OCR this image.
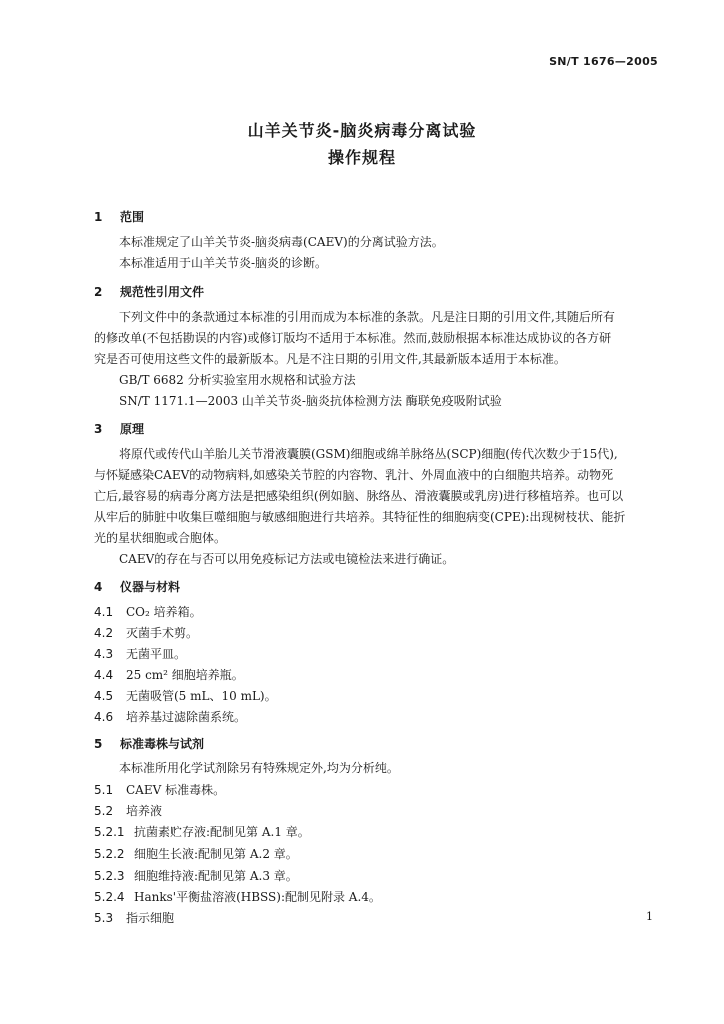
SN/T 1676—2005
山羊关节炎-脑炎病毒分离试验
操作规程
1 范围
本标准规定了山羊关节炎-脑炎病毒(CAEV)的分离试验方法。
本标准适用于山羊关节炎-脑炎的诊断。
2 规范性引用文件
下列文件中的条款通过本标准的引用而成为本标准的条款。凡是注日期的引用文件,其随后所有
的修改单(不包括勘误的内容)或修订版均不适用于本标准。然而,鼓励根据本标准达成协议的各方研
究是否可使用这些文件的最新版本。凡是不注日期的引用文件,其最新版本适用于本标准。
GB/T 6682 分析实验室用水规格和试验方法
SN/T 1171.1—2003 山羊关节炎-脑炎抗体检测方法 酶联免疫吸附试验
3 原理
将原代或传代山羊胎儿关节滑液囊膜(GSM)细胞或绵羊脉络丛(SCP)细胞(传代次数少于15代),
与怀疑感染CAEV的动物病料,如感染关节腔的内容物、乳汁、外周血液中的白细胞共培养。动物死
亡后,最容易的病毒分离方法是把感染组织(例如脑、脉络丛、滑液囊膜或乳房)进行移植培养。也可以
从牢后的肺脏中收集巨噬细胞与敏感细胞进行共培养。其特征性的细胞病变(CPE):出现树枝状、能折
光的星状细胞或合胞体。
CAEV的存在与否可以用免疫标记方法或电镜检法来进行确证。
4 仪器与材料
4.1 CO₂ 培养箱。
4.2 灭菌手术剪。
4.3 无菌平皿。
4.4 25 cm² 细胞培养瓶。
4.5 无菌吸管(5 mL、10 mL)。
4.6 培养基过滤除菌系统。
5 标准毒株与试剂
本标准所用化学试剂除另有特殊规定外,均为分析纯。
5.1 CAEV 标准毒株。
5.2 培养液
5.2.1 抗菌素贮存液:配制见第 A.1 章。
5.2.2 细胞生长液:配制见第 A.2 章。
5.2.3 细胞维持液:配制见第 A.3 章。
5.2.4 Hanks'平衡盐溶液(HBSS):配制见附录 A.4。
5.3 指示细胞	1
